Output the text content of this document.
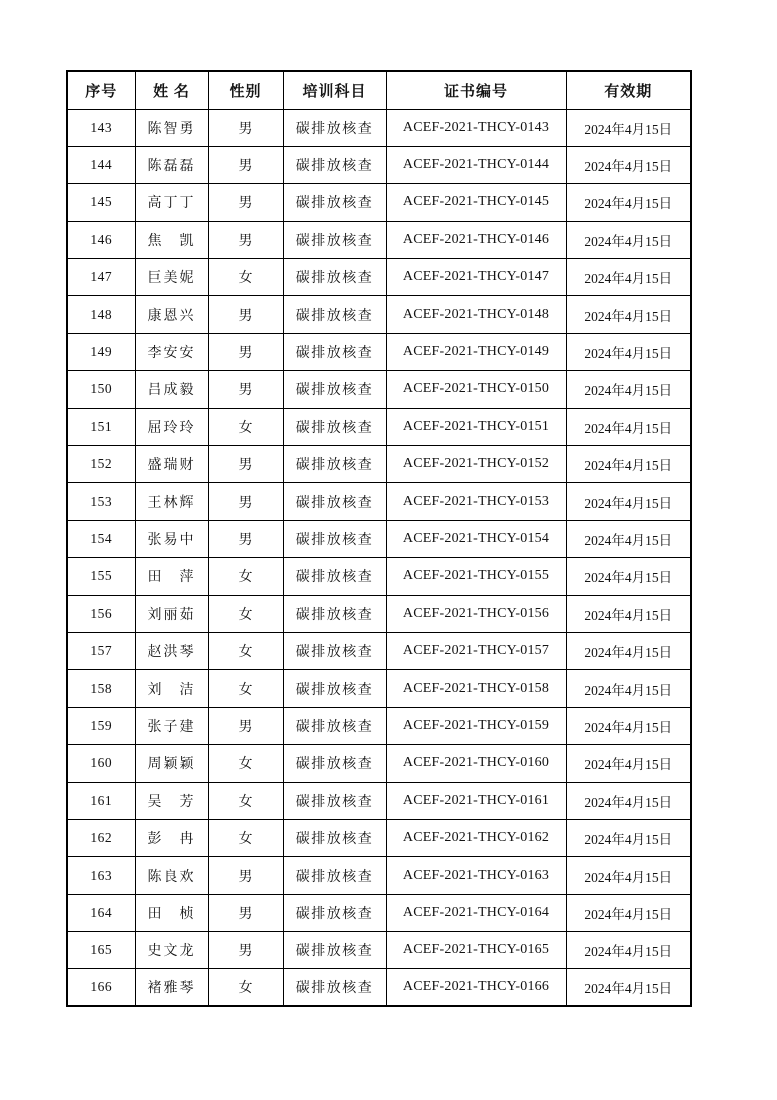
序号	姓 名	性别	培训科目	证书编号	有效期
143	陈智勇	男	碳排放核查	ACEF-2021-THCY-0143	2024年4月15日
144	陈磊磊	男	碳排放核查	ACEF-2021-THCY-0144	2024年4月15日
145	高丁丁	男	碳排放核查	ACEF-2021-THCY-0145	2024年4月15日
146	焦　凯	男	碳排放核查	ACEF-2021-THCY-0146	2024年4月15日
147	巨美妮	女	碳排放核查	ACEF-2021-THCY-0147	2024年4月15日
148	康恩兴	男	碳排放核查	ACEF-2021-THCY-0148	2024年4月15日
149	李安安	男	碳排放核查	ACEF-2021-THCY-0149	2024年4月15日
150	吕成毅	男	碳排放核查	ACEF-2021-THCY-0150	2024年4月15日
151	屈玲玲	女	碳排放核查	ACEF-2021-THCY-0151	2024年4月15日
152	盛瑞财	男	碳排放核查	ACEF-2021-THCY-0152	2024年4月15日
153	王林辉	男	碳排放核查	ACEF-2021-THCY-0153	2024年4月15日
154	张易中	男	碳排放核查	ACEF-2021-THCY-0154	2024年4月15日
155	田　萍	女	碳排放核查	ACEF-2021-THCY-0155	2024年4月15日
156	刘丽茹	女	碳排放核查	ACEF-2021-THCY-0156	2024年4月15日
157	赵洪琴	女	碳排放核查	ACEF-2021-THCY-0157	2024年4月15日
158	刘　洁	女	碳排放核查	ACEF-2021-THCY-0158	2024年4月15日
159	张子建	男	碳排放核查	ACEF-2021-THCY-0159	2024年4月15日
160	周颖颖	女	碳排放核查	ACEF-2021-THCY-0160	2024年4月15日
161	吴　芳	女	碳排放核查	ACEF-2021-THCY-0161	2024年4月15日
162	彭　冉	女	碳排放核查	ACEF-2021-THCY-0162	2024年4月15日
163	陈良欢	男	碳排放核查	ACEF-2021-THCY-0163	2024年4月15日
164	田　桢	男	碳排放核查	ACEF-2021-THCY-0164	2024年4月15日
165	史文龙	男	碳排放核查	ACEF-2021-THCY-0165	2024年4月15日
166	褚雅琴	女	碳排放核查	ACEF-2021-THCY-0166	2024年4月15日
